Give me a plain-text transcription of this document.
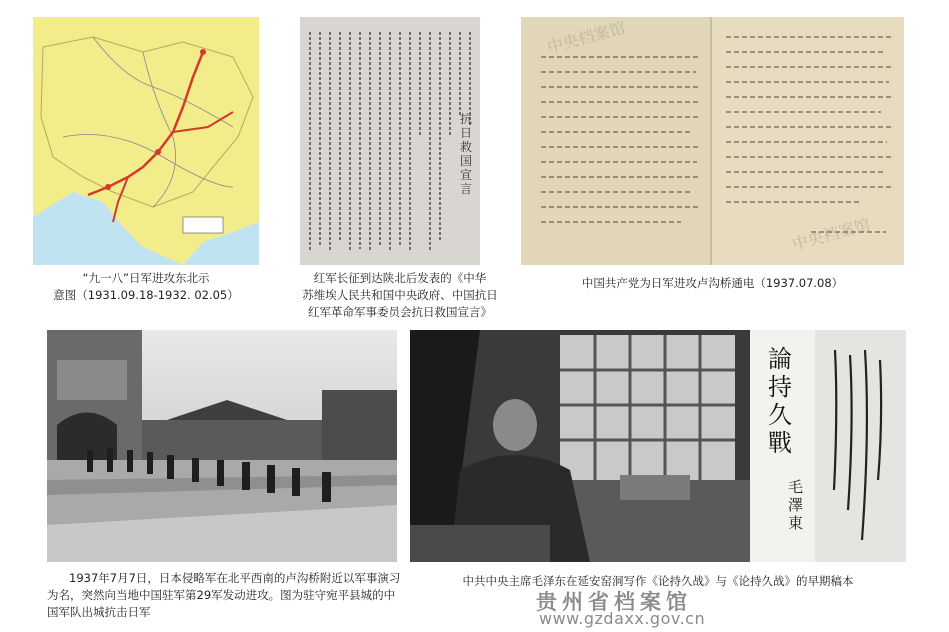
“九一八”日军进攻东北示
意图（1931.09.18-1932. 02.05）
抗日救国宣言
红军长征到达陕北后发表的《中华
苏维埃人民共和国中央政府、中国抗日
红军革命军事委员会抗日救国宣言》
中央档案馆
中央档案馆
中国共产党为日军进攻卢沟桥通电（1937.07.08）
1937年7月7日，日本侵略军在北平西南的卢沟桥附近以军事演习
为名，突然向当地中国驻军第29军发动进攻。图为驻守宛平县城的中
国军队出城抗击日军
論持久戰
毛澤東
中共中央主席毛泽东在延安窑洞写作《论持久战》与《论持久战》的早期稿本
贵州省档案馆
www.gzdaxx.gov.cn
